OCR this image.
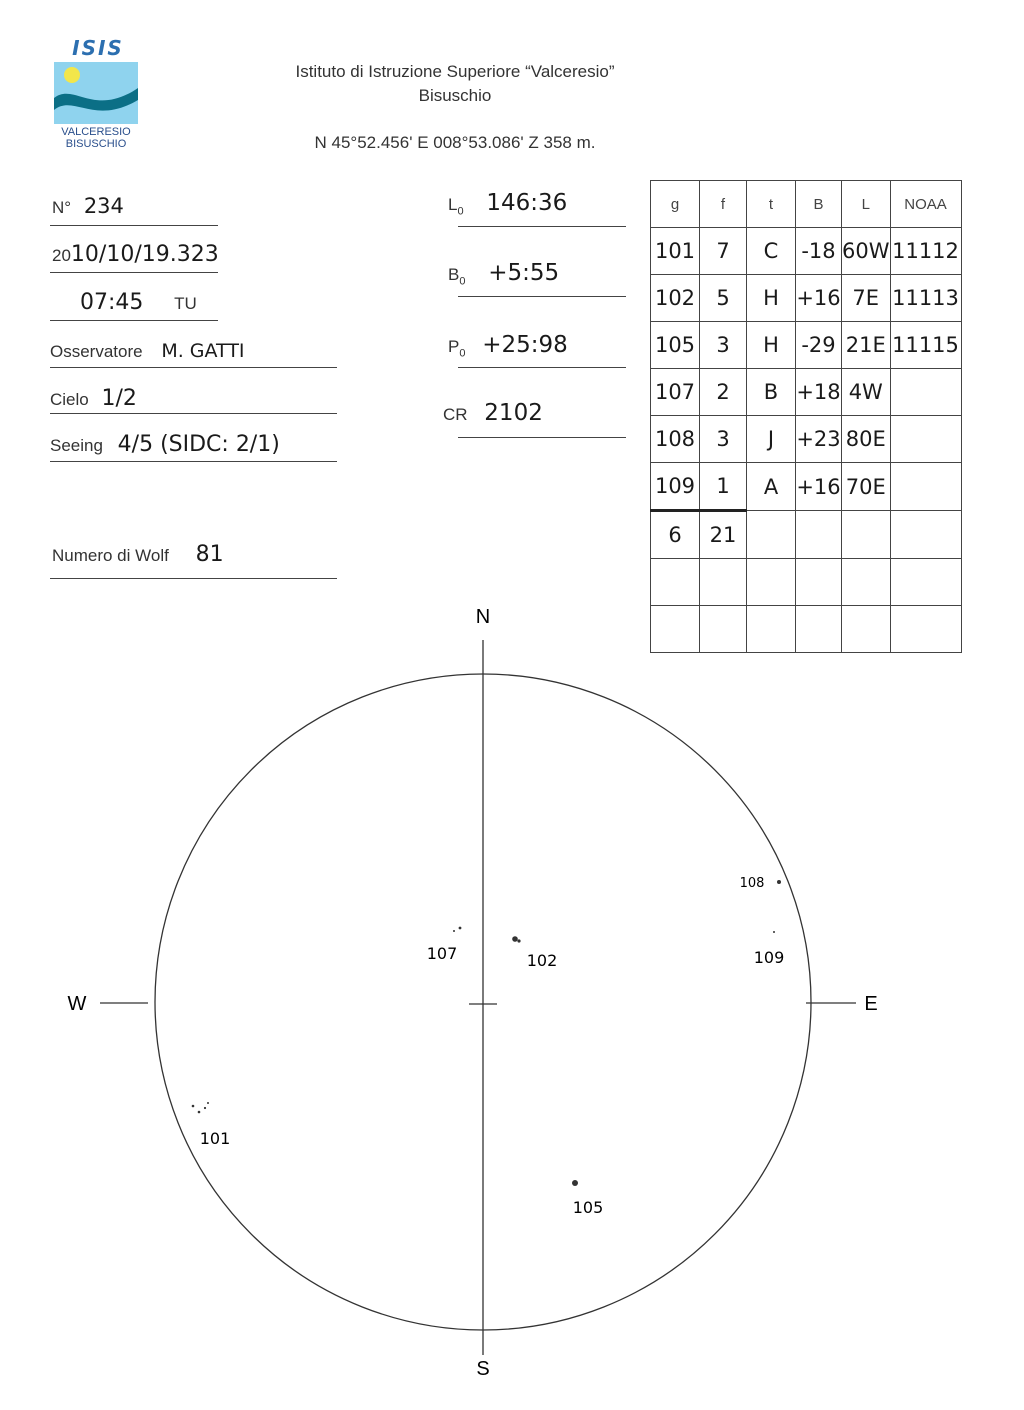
ISIS
VALCERESIO
BISUSCHIO
Istituto di Istruzione Superiore “Valceresio”
Bisuschio
N 45°52.456' E 008°53.086' Z 358 m.
N° 234
2010/10/19.323
07:45 TU
Osservatore M. GATTI
Cielo 1/2
Seeing 4/5 (SIDC: 2/1)
Numero di Wolf 81
$L_0$ 146:36
$B_0$ +5:55
$P_0$ +25:98
CR 2102
g	f	t	B	L	NOAA
101	7	C	-18	60W	11112
102	5	H	+16	7E	11113
105	3	H	-29	21E	11115
107	2	B	+18	4W	
108	3	J	+23	80E	
109	1	A	+16	70E	
6	21				

N
S
E
W
101
102
105
107
108
109
